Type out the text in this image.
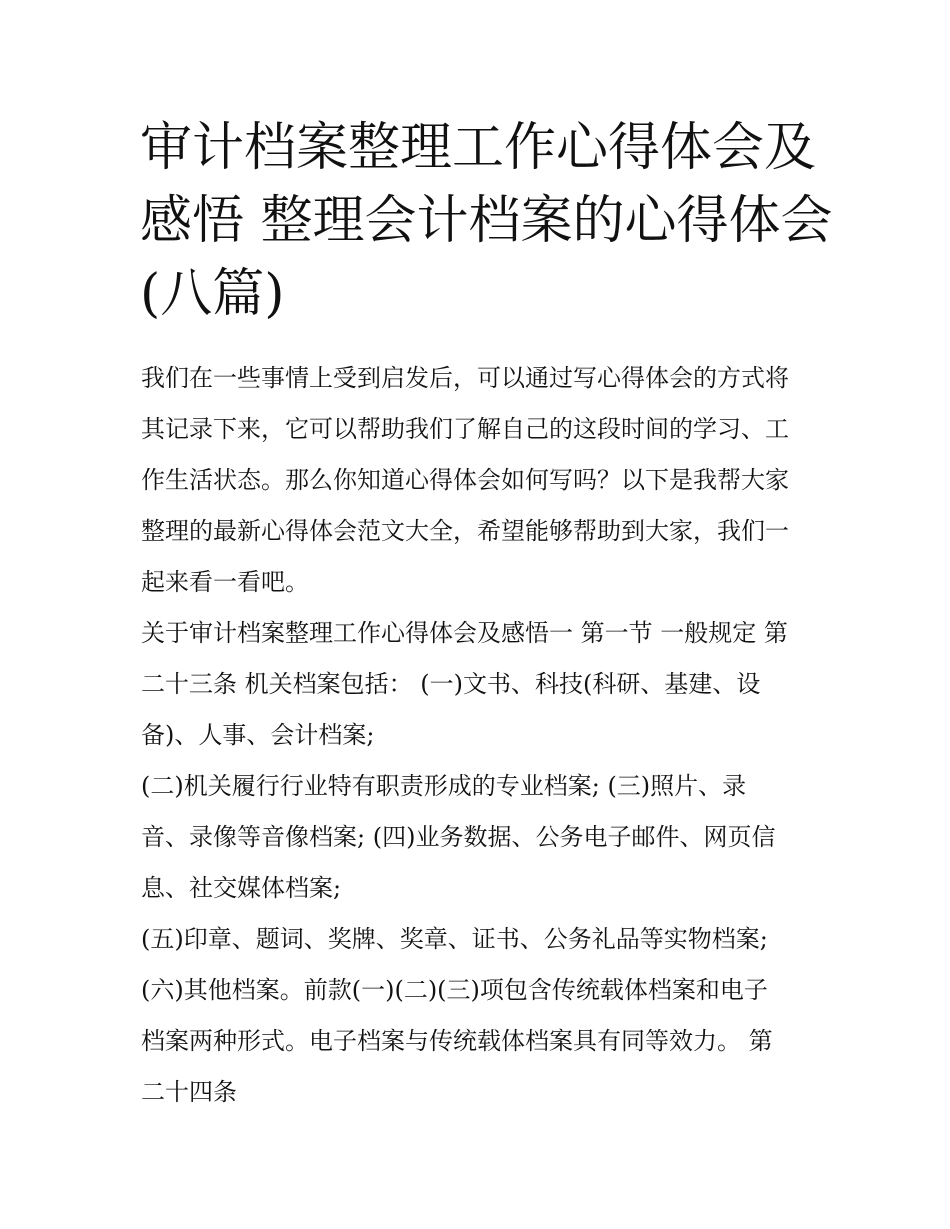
审计档案整理工作心得体会及
感悟 整理会计档案的心得体会
(八篇)
我们在一些事情上受到启发后，可以通过写心得体会的方式将
其记录下来，它可以帮助我们了解自己的这段时间的学习、工
作生活状态。那么你知道心得体会如何写吗？以下是我帮大家
整理的最新心得体会范文大全，希望能够帮助到大家，我们一
起来看一看吧。
关于审计档案整理工作心得体会及感悟一 第一节 一般规定 第
二十三条 机关档案包括： (一)文书、科技(科研、基建、设
备)、人事、会计档案;
(二)机关履行行业特有职责形成的专业档案; (三)照片、录
音、录像等音像档案; (四)业务数据、公务电子邮件、网页信
息、社交媒体档案;
(五)印章、题词、奖牌、奖章、证书、公务礼品等实物档案;
(六)其他档案。前款(一)(二)(三)项包含传统载体档案和电子
档案两种形式。电子档案与传统载体档案具有同等效力。 第
二十四条
